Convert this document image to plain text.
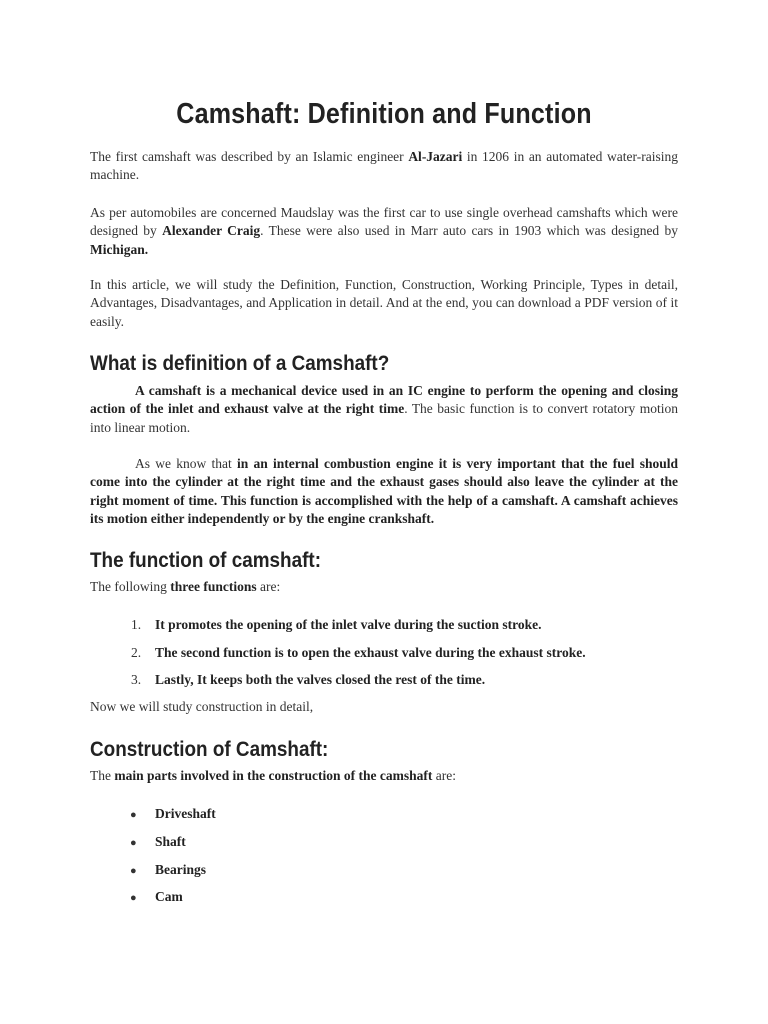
Camshaft: Definition and Function

The first camshaft was described by an Islamic engineer Al-Jazari in 1206 in an automated water-raising machine.

As per automobiles are concerned Maudslay was the first car to use single overhead camshafts which were designed by Alexander Craig. These were also used in Marr auto cars in 1903 which was designed by Michigan.

In this article, we will study the Definition, Function, Construction, Working Principle, Types in detail, Advantages, Disadvantages, and Application in detail. And at the end, you can download a PDF version of it easily.

What is definition of a Camshaft?

A camshaft is a mechanical device used in an IC engine to perform the opening and closing action of the inlet and exhaust valve at the right time. The basic function is to convert rotatory motion into linear motion.

As we know that in an internal combustion engine it is very important that the fuel should come into the cylinder at the right time and the exhaust gases should also leave the cylinder at the right moment of time. This function is accomplished with the help of a camshaft. A camshaft achieves its motion either independently or by the engine crankshaft.

The function of camshaft:

The following three functions are:

1. It promotes the opening of the inlet valve during the suction stroke.
2. The second function is to open the exhaust valve during the exhaust stroke.
3. Lastly, It keeps both the valves closed the rest of the time.

Now we will study construction in detail,

Construction of Camshaft:

The main parts involved in the construction of the camshaft are:

● Driveshaft
● Shaft
● Bearings
● Cam
